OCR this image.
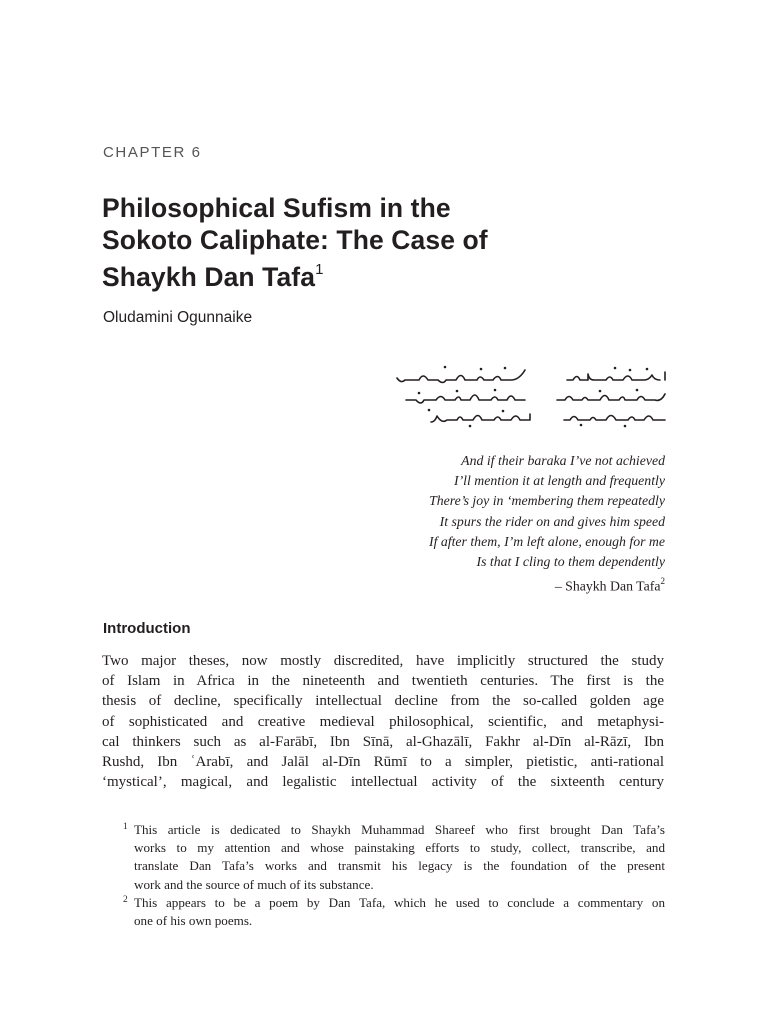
CHAPTER 6
Philosophical Sufism in the
Sokoto Caliphate: The Case of
Shaykh Dan Tafa$^1$
Oludamini Ogunnaike
And if their baraka I’ve not achieved
I’ll mention it at length and frequently
There’s joy in ‘membering them repeatedly
It spurs the rider on and gives him speed
If after them, I’m left alone, enough for me
Is that I cling to them dependently
– Shaykh Dan Tafa$^2$
Introduction
Two major theses, now mostly discredited, have implicitly structured the study
of Islam in Africa in the nineteenth and twentieth centuries. The first is the
thesis of decline, specifically intellectual decline from the so-called golden age
of sophisticated and creative medieval philosophical, scientific, and metaphysi-
cal thinkers such as al-Farābī, Ibn Sīnā, al-Ghazālī, Fakhr al-Dīn al-Rāzī, Ibn
Rushd, Ibn ʿArabī, and Jalāl al-Dīn Rūmī to a simpler, pietistic, anti-rational
‘mystical’, magical, and legalistic intellectual activity of the sixteenth century
1 This article is dedicated to Shaykh Muhammad Shareef who first brought Dan Tafa’s
works to my attention and whose painstaking efforts to study, collect, transcribe, and
translate Dan Tafa’s works and transmit his legacy is the foundation of the present
work and the source of much of its substance.
2 This appears to be a poem by Dan Tafa, which he used to conclude a commentary on
one of his own poems.
